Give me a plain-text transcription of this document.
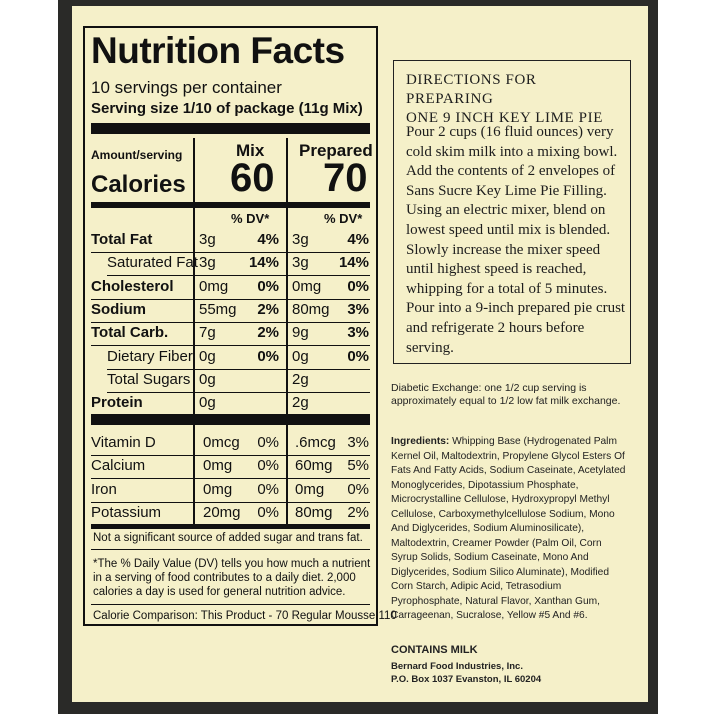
Nutrition Facts
10 servings per container
Serving size 1/10 of package (11g Mix)
Amount/serving	Mix Prepared
Calories 60 70
% DV*	% DV*
Total Fat	3g	4% 3g	4%
Saturated Fat 3g	14% 3g	14%
Cholesterol 0mg	0% 0mg	0%
Sodium	55mg	2% 80mg	3%
Total Carb. 7g	2% 9g	3%
Dietary Fiber 0g	0% 0g	0%
Total Sugars 0g	2g
Protein	0g	2g
Vitamin D	0mcg	0% .6mcg 3%
Calcium	0mg	0% 60mg 5%
Iron	0mg	0% 0mg	0%
Potassium	20mg	0% 80mg 2%
Not a significant source of added sugar and trans fat.
*The % Daily Value (DV) tells you how much a nutrient in a serving of food contributes to a daily diet. 2,000 calories a day is used for general nutrition advice.
Calorie Comparison: This Product - 70 Regular Mousse 110
DIRECTIONS FOR PREPARING
ONE 9 INCH KEY LIME PIE
Pour 2 cups (16 fluid ounces) very cold skim milk into a mixing bowl. Add the contents of 2 envelopes of Sans Sucre Key Lime Pie Filling. Using an electric mixer, blend on lowest speed until mix is blended. Slowly increase the mixer speed until highest speed is reached, whipping for a total of 5 minutes. Pour into a 9-inch prepared pie crust and refrigerate 2 hours before serving.
Diabetic Exchange: one 1/2 cup serving is approximately equal to 1/2 low fat milk exchange.
Ingredients: Whipping Base (Hydrogenated Palm Kernel Oil, Maltodextrin, Propylene Glycol Esters Of Fats And Fatty Acids, Sodium Caseinate, Acetylated Monoglycerides, Dipotassium Phosphate, Microcrystalline Cellulose, Hydroxypropyl Methyl Cellulose, Carboxymethylcellulose Sodium, Mono And Diglycerides, Sodium Aluminosilicate), Maltodextrin, Creamer Powder (Palm Oil, Corn Syrup Solids, Sodium Caseinate, Mono And Diglycerides, Sodium Silico Aluminate), Modified Corn Starch, Adipic Acid, Tetrasodium Pyrophosphate, Natural Flavor, Xanthan Gum, Carrageenan, Sucralose, Yellow #5 And #6.
CONTAINS MILK
Bernard Food Industries, Inc.
P.O. Box 1037 Evanston, IL 60204
